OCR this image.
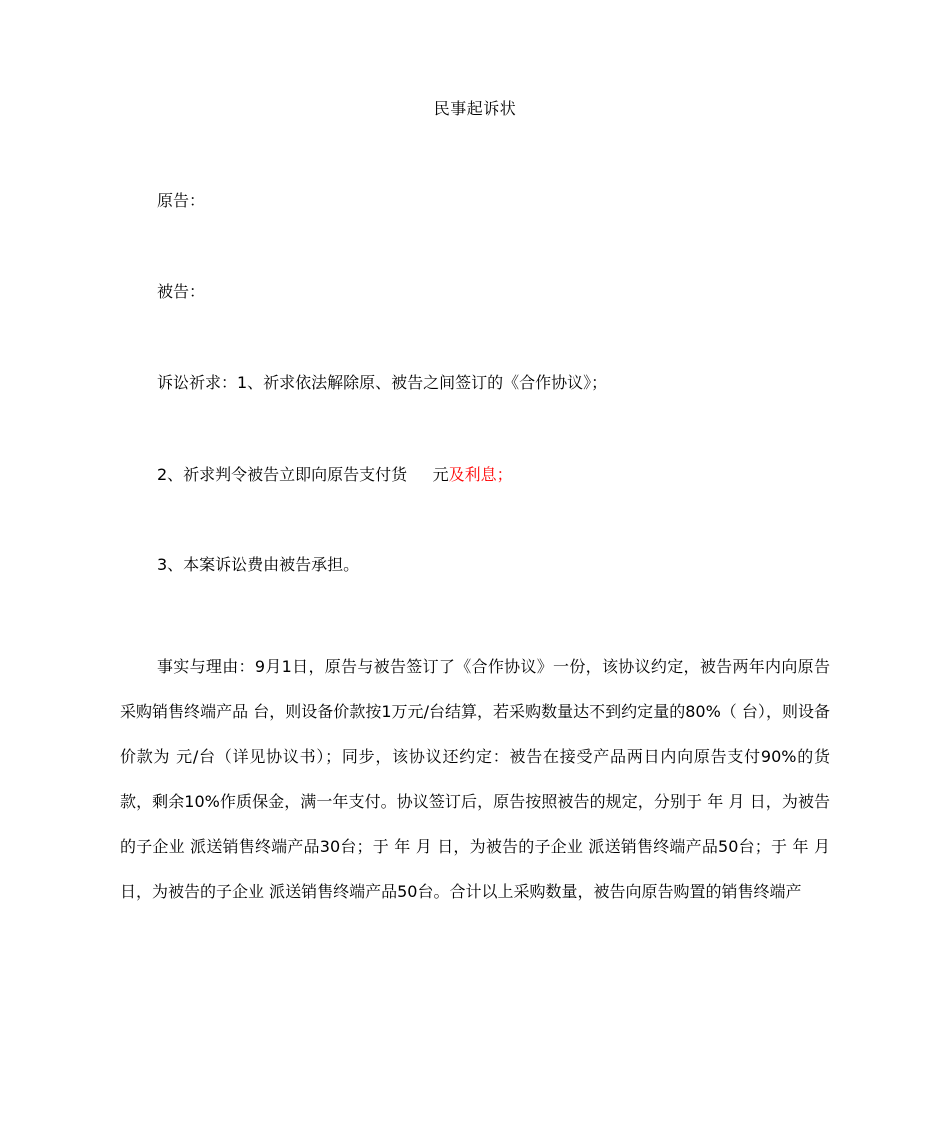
民事起诉状
原告：
被告：
诉讼祈求：1、祈求依法解除原、被告之间签订的《合作协议》；
2、祈求判令被告立即向原告支付货     元及利息；
3、本案诉讼费由被告承担。

事实与理由：9月1日，原告与被告签订了《合作协议》一份，该协议约定，被告两年内向原告采购销售终端产品 台，则设备价款按1万元/台结算，若采购数量达不到约定量的80%（ 台），则设备价款为 元/台（详见协议书）；同步，该协议还约定：被告在接受产品两日内向原告支付90%的货款，剩余10%作质保金，满一年支付。协议签订后，原告按照被告的规定，分别于 年 月 日，为被告的子企业 派送销售终端产品30台；于 年 月 日，为被告的子企业 派送销售终端产品50台；于 年 月 日，为被告的子企业 派送销售终端产品50台。合计以上采购数量，被告向原告购置的销售终端产
